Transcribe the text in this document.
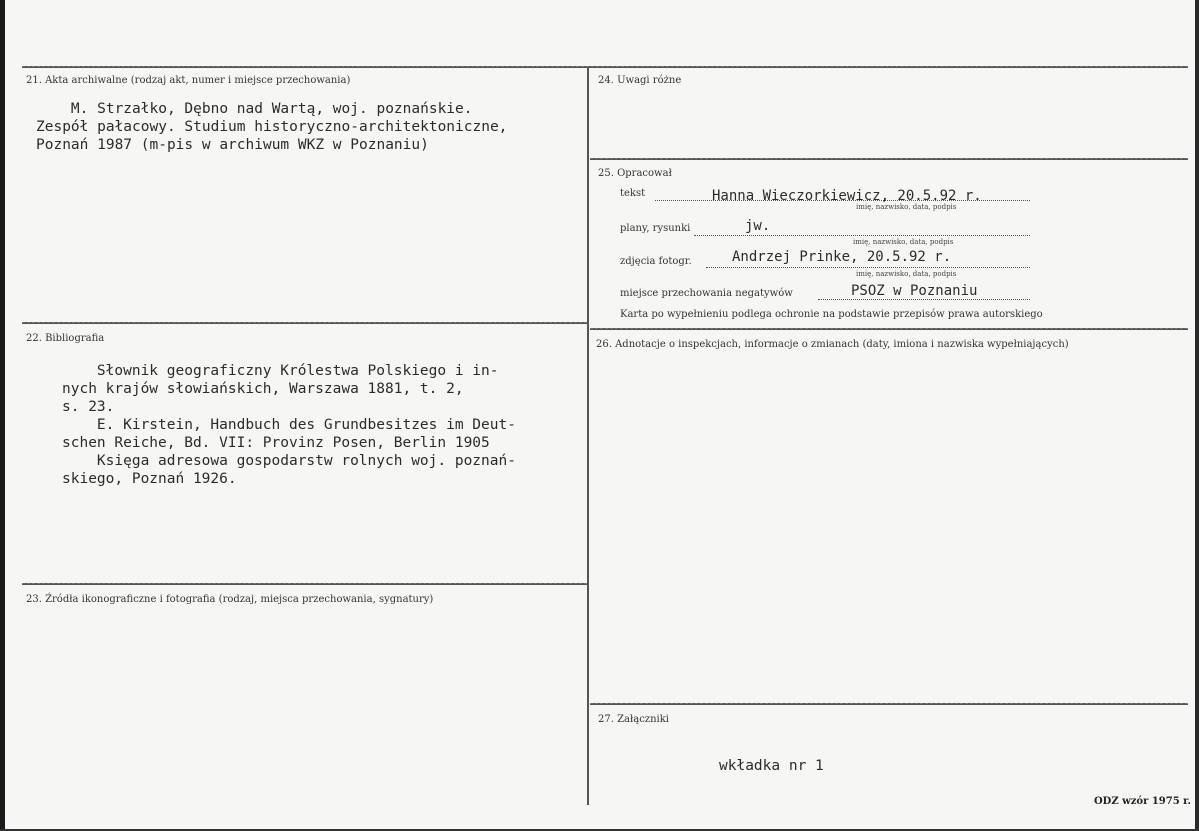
21. Akta archiwalne (rodzaj akt, numer i miejsce przechowania)
M. Strzałko, Dębno nad Wartą, woj. poznańskie.
Zespół pałacowy. Studium historyczno-architektoniczne,
Poznań 1987 (m-pis w archiwum WKZ w Poznaniu)
22. Bibliografia
Słownik geograficzny Królestwa Polskiego i in-
nych krajów słowiańskich, Warszawa 1881, t. 2,
s. 23.
E. Kirstein, Handbuch des Grundbesitzes im Deut-
schen Reiche, Bd. VII: Provinz Posen, Berlin 1905
Księga adresowa gospodarstw rolnych woj. poznań-
skiego, Poznań 1926.
23. Źródła ikonograficzne i fotografia (rodzaj, miejsca przechowania, sygnatury)
24. Uwagi różne
25. Opracował
tekst	Hanna Wieczorkiewicz, 20.5.92 r.
imię, nazwisko, data, podpis
plany, rysunki	jw.
imię, nazwisko, data, podpis
zdjęcia fotogr.	Andrzej Prinke, 20.5.92 r.
imię, nazwisko, data, podpis
miejsce przechowania negatywów	PSOZ w Poznaniu
Karta po wypełnieniu podlega ochronie na podstawie przepisów prawa autorskiego
26. Adnotacje o inspekcjach, informacje o zmianach (daty, imiona i nazwiska wypełniających)
27. Załączniki
wkładka nr 1
ODZ wzór 1975 r.
